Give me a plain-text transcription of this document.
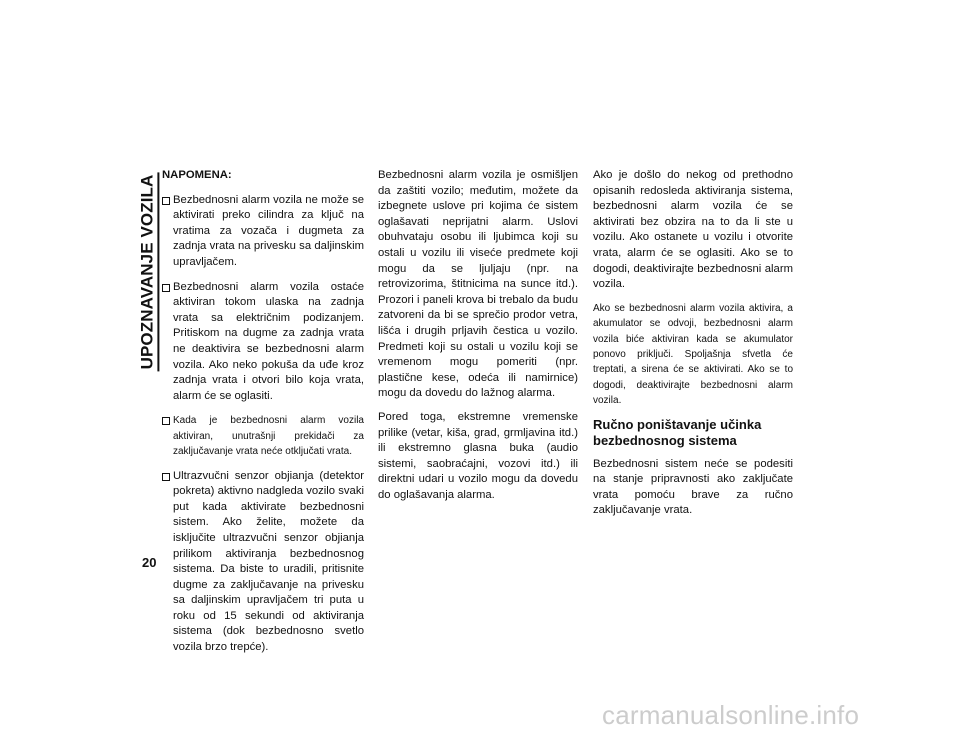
UPOZNAVANJE VOZILA
20
NAPOMENA:
Bezbednosni alarm vozila ne može se aktivirati preko cilindra za ključ na vratima za vozača i dugmeta za zadnja vrata na privesku sa daljinskim upravljačem.
Bezbednosni alarm vozila ostaće aktiviran tokom ulaska na zadnja vrata sa električnim podizanjem. Pritiskom na dugme za zadnja vrata ne deaktivira se bezbednosni alarm vozila. Ako neko pokuša da uđe kroz zadnja vrata i otvori bilo koja vrata, alarm će se oglasiti.
Kada je bezbednosni alarm vozila aktiviran, unutrašnji prekidači za zaključavanje vrata neće otključati vrata.
Ultrazvučni senzor objianja (detektor pokreta) aktivno nadgleda vozilo svaki put kada aktivirate bezbednosni sistem. Ako želite, možete da isključite ultrazvučni senzor objianja prilikom aktiviranja bezbednosnog sistema. Da biste to uradili, pritisnite dugme za zaključavanje na privesku sa daljinskim upravljačem tri puta u roku od 15 sekundi od aktiviranja sistema (dok bezbednosno svetlo vozila brzo trepće).

Bezbednosni alarm vozila je osmišljen da zaštiti vozilo; međutim, možete da izbegnete uslove pri kojima će sistem oglašavati neprijatni alarm. Uslovi obuhvataju osobu ili ljubimca koji su ostali u vozilu ili viseće predmete koji mogu da se ljuljaju (npr. na retrovizorima, štitnicima na sunce itd.). Prozori i paneli krova bi trebalo da budu zatvoreni da bi se sprečio prodor vetra, lišća i drugih prljavih čestica u vozilo. Predmeti koji su ostali u vozilu koji se vremenom mogu pomeriti (npr. plastične kese, odeća ili namirnice) mogu da dovedu do lažnog alarma.

Pored toga, ekstremne vremenske prilike (vetar, kiša, grad, grmljavina itd.) ili ekstremno glasna buka (audio sistemi, saobraćajni, vozovi itd.) ili direktni udari u vozilo mogu da dovedu do oglašavanja alarma.

Ako je došlo do nekog od prethodno opisanih redosleda aktiviranja sistema, bezbednosni alarm vozila će se aktivirati bez obzira na to da li ste u vozilu. Ako ostanete u vozilu i otvorite vrata, alarm će se oglasiti. Ako se to dogodi, deaktivirajte bezbednosni alarm vozila.

Ako se bezbednosni alarm vozila aktivira, a akumulator se odvoji, bezbednosni alarm vozila biće aktiviran kada se akumulator ponovo priključi. Spoljašnja sfvetla će treptati, a sirena će se aktivirati. Ako se to dogodi, deaktivirajte bezbednosni alarm vozila.

Ručno poništavanje učinka bezbednosnog sistema

Bezbednosni sistem neće se podesiti na stanje pripravnosti ako zaključate vrata pomoću brave za ručno zaključavanje vrata.

carmanualsonline.info
